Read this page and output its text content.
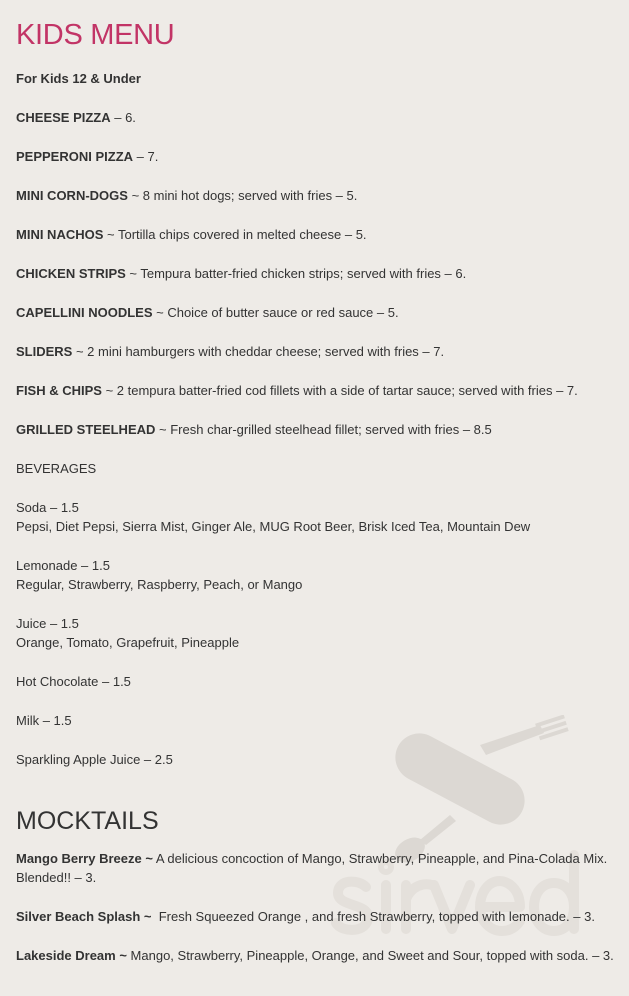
KIDS MENU

For Kids 12 & Under

CHEESE PIZZA – 6.

PEPPERONI PIZZA – 7.

MINI CORN-DOGS ~ 8 mini hot dogs; served with fries – 5.

MINI NACHOS ~ Tortilla chips covered in melted cheese – 5.

CHICKEN STRIPS ~ Tempura batter-fried chicken strips; served with fries – 6.

CAPELLINI NOODLES ~ Choice of butter sauce or red sauce – 5.

SLIDERS ~ 2 mini hamburgers with cheddar cheese; served with fries – 7.

FISH & CHIPS ~ 2 tempura batter-fried cod fillets with a side of tartar sauce; served with fries – 7.

GRILLED STEELHEAD ~ Fresh char-grilled steelhead fillet; served with fries – 8.5

BEVERAGES

Soda – 1.5
Pepsi, Diet Pepsi, Sierra Mist, Ginger Ale, MUG Root Beer, Brisk Iced Tea, Mountain Dew

Lemonade – 1.5
Regular, Strawberry, Raspberry, Peach, or Mango

Juice – 1.5
Orange, Tomato, Grapefruit, Pineapple

Hot Chocolate – 1.5

Milk – 1.5

Sparkling Apple Juice – 2.5

MOCKTAILS

Mango Berry Breeze ~ A delicious concoction of Mango, Strawberry, Pineapple, and Pina-Colada Mix. Blended!! – 3.

Silver Beach Splash ~  Fresh Squeezed Orange , and fresh Strawberry, topped with lemonade. – 3.

Lakeside Dream ~ Mango, Strawberry, Pineapple, Orange, and Sweet and Sour, topped with soda. – 3.
